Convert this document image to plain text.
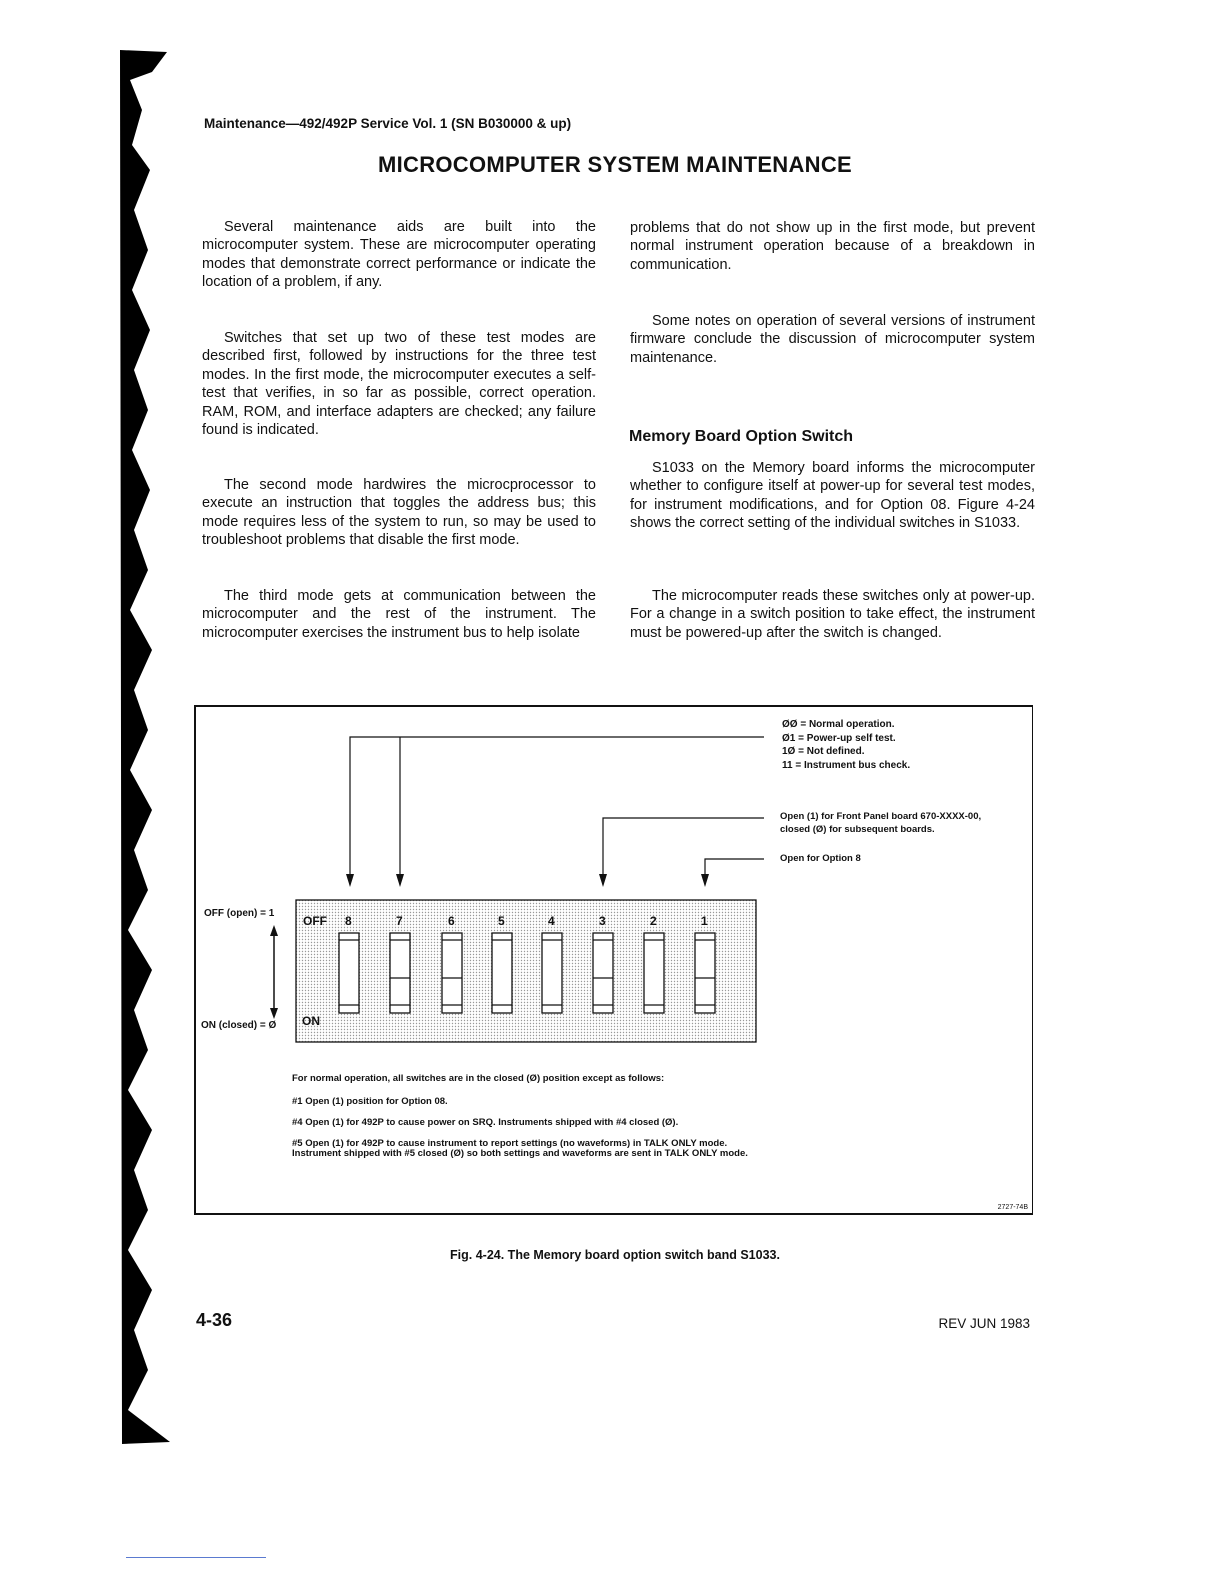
Maintenance—492/492P Service Vol. 1 (SN B030000 & up)
MICROCOMPUTER SYSTEM MAINTENANCE

Several maintenance aids are built into the microcomputer system. These are microcomputer operating modes that demonstrate correct performance or indicate the location of a problem, if any.

Switches that set up two of these test modes are described first, followed by instructions for the three test modes. In the first mode, the microcomputer executes a self-test that verifies, in so far as possible, correct operation. RAM, ROM, and interface adapters are checked; any failure found is indicated.

The second mode hardwires the microcprocessor to execute an instruction that toggles the address bus; this mode requires less of the system to run, so may be used to troubleshoot problems that disable the first mode.

The third mode gets at communication between the microcomputer and the rest of the instrument. The microcomputer exercises the instrument bus to help isolate

problems that do not show up in the first mode, but prevent normal instrument operation because of a breakdown in communication.

Some notes on operation of several versions of instrument firmware conclude the discussion of microcomputer system maintenance.

Memory Board Option Switch

S1033 on the Memory board informs the microcomputer whether to configure itself at power-up for several test modes, for instrument modifications, and for Option 08. Figure 4-24 shows the correct setting of the individual switches in S1033.

The microcomputer reads these switches only at power-up. For a change in a switch position to take effect, the instrument must be powered-up after the switch is changed.

ØØ = Normal operation.
Ø1 = Power-up self test.
1Ø = Not defined.
11 = Instrument bus check.
Open (1) for Front Panel board 670-XXXX-00,
closed (Ø) for subsequent boards.
Open for Option 8
OFF (open) = 1
ON (closed) = Ø
OFF
ON
8	7	6	5	4	3	2	1
For normal operation, all switches are in the closed (Ø) position except as follows:
#1 Open (1) position for Option 08.
#4 Open (1) for 492P to cause power on SRQ. Instruments shipped with #4 closed (Ø).
#5 Open (1) for 492P to cause instrument to report settings (no waveforms) in TALK ONLY mode. Instrument shipped with #5 closed (Ø) so both settings and waveforms are sent in TALK ONLY mode.
2727-74B
Fig. 4-24. The Memory board option switch band S1033.
4-36	REV JUN 1983
